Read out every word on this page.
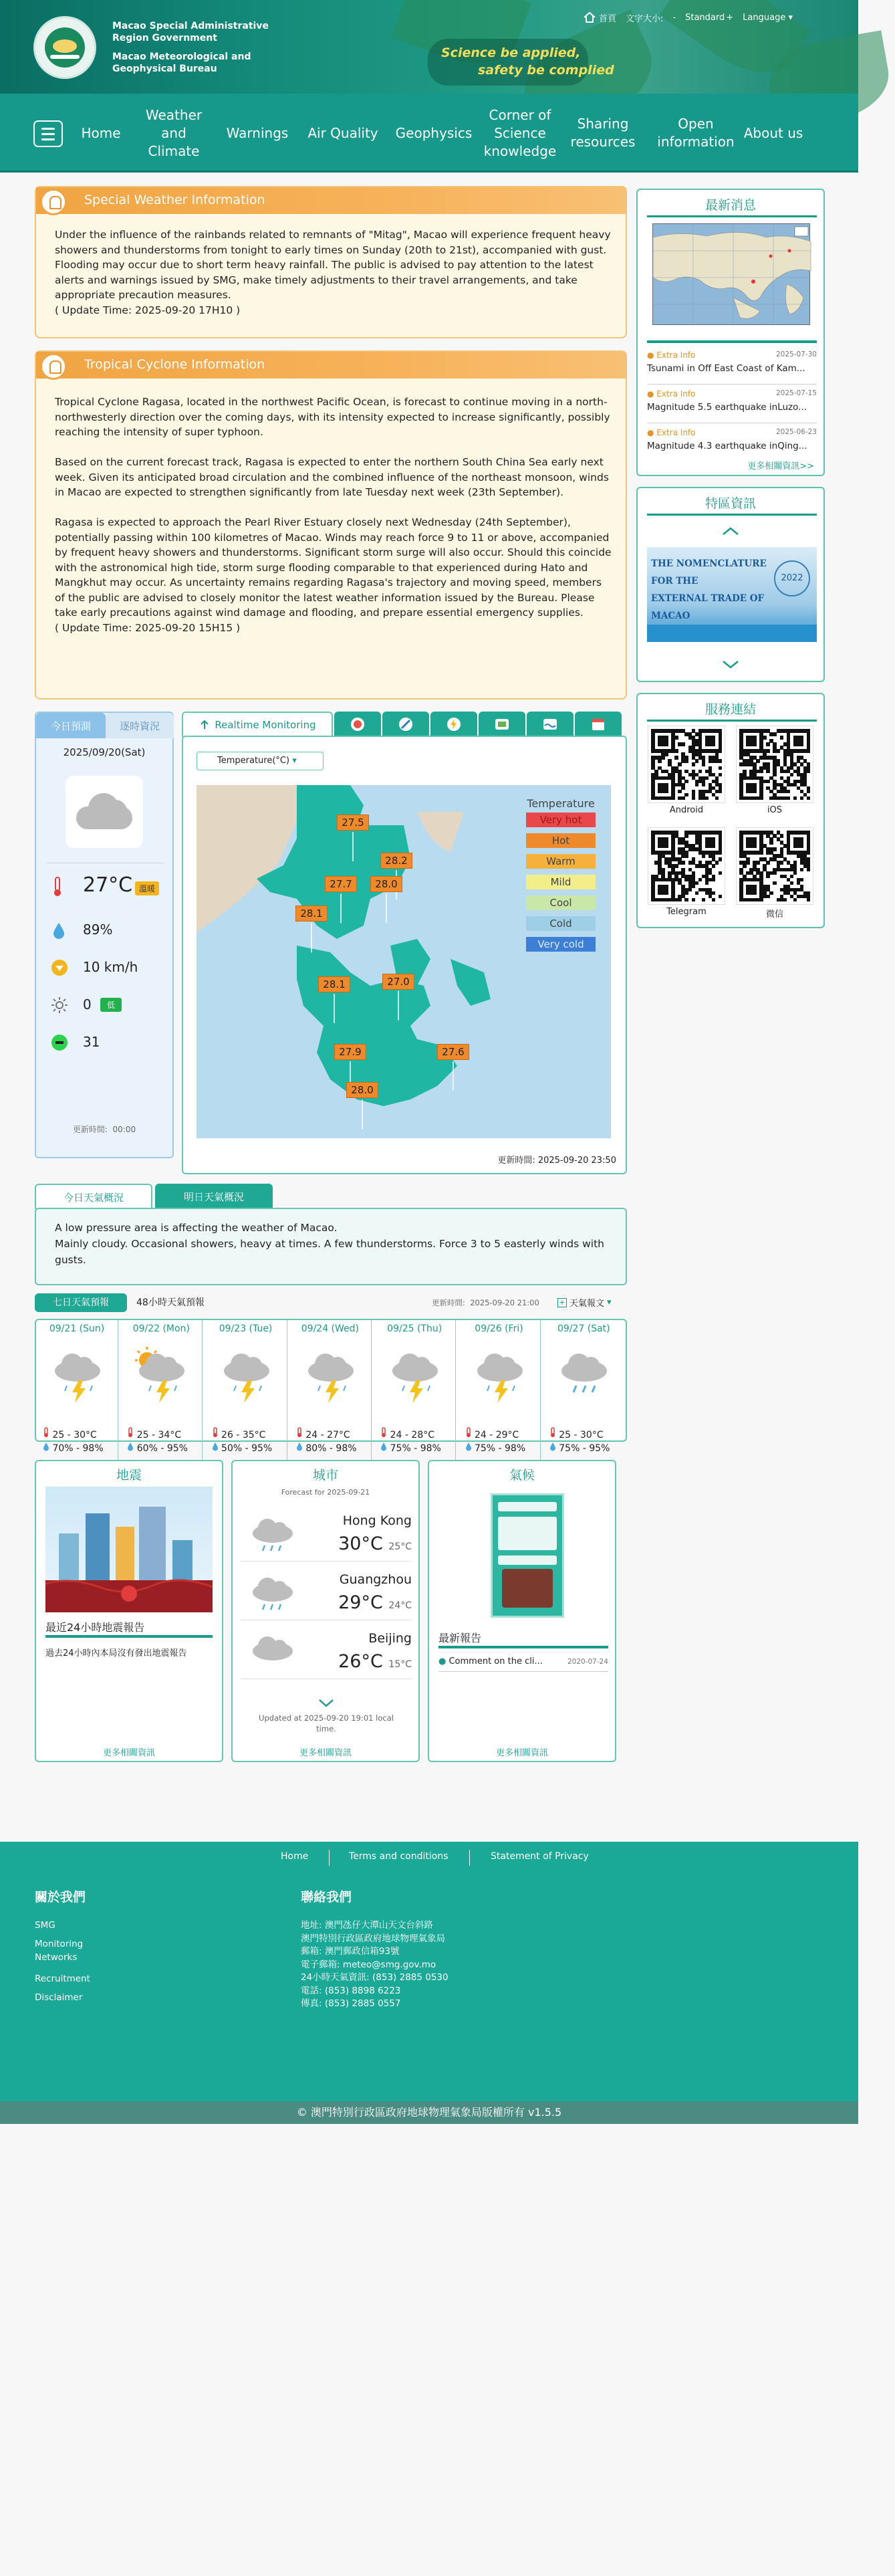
Macao Special Administrative
Region Government
Macao Meteorological and
Geophysical Bureau
Science be applied,
safety be complied
首頁 文字大小: - Standard + Language ▾
Home
Weather and Climate
Warnings	Air Quality	Geophysics
Corner of Science knowledge
Sharing resources
Open information
About us
Special Weather Information
Under the influence of the rainbands related to remnants of "Mitag", Macao will experience frequent heavy showers and thunderstorms from tonight to early times on Sunday (20th to 21st), accompanied with gust. Flooding may occur due to short term heavy rainfall. The public is advised to pay attention to the latest alerts and warnings issued by SMG, make timely adjustments to their travel arrangements, and take appropriate precaution measures.
( Update Time: 2025-09-20 17H10 )
Tropical Cyclone Information
Tropical Cyclone Ragasa, located in the northwest Pacific Ocean, is forecast to continue moving in a north-northwesterly direction over the coming days, with its intensity expected to increase significantly, possibly reaching the intensity of super typhoon.

Based on the current forecast track, Ragasa is expected to enter the northern South China Sea early next week. Given its anticipated broad circulation and the combined influence of the northeast monsoon, winds in Macao are expected to strengthen significantly from late Tuesday next week (23th September).

Ragasa is expected to approach the Pearl River Estuary closely next Wednesday (24th September), potentially passing within 100 kilometres of Macao. Winds may reach force 9 to 11 or above, accompanied by frequent heavy showers and thunderstorms. Significant storm surge will also occur. Should this coincide with the astronomical high tide, storm surge flooding comparable to that experienced during Hato and Mangkhut may occur. As uncertainty remains regarding Ragasa's trajectory and moving speed, members of the public are advised to closely monitor the latest weather information issued by the Bureau. Please take early precautions against wind damage and flooding, and prepare essential emergency supplies.
( Update Time: 2025-09-20 15H15 )
最新消息
● Extra Info	2025-07-30
Tsunami in Off East Coast of Kam...
● Extra Info	2025-07-15
Magnitude 5.5 earthquake inLuzo...
● Extra Info	2025-06-23
Magnitude 4.3 earthquake inQing...
更多相關資訊>>
特區資訊
THE NOMENCLATURE FOR THE
EXTERNAL TRADE OF MACAO
2022
服務連結
Android	iOS
Telegram	微信
今日預測	逐時資況
2025/09/20(Sat)
27°C 溫暖
89%
10 km/h
0	低
31
更新時間: 00:00
Realtime Monitoring
Temperature(°C) ▾
27.5
28.2
27.7	28.0
28.1
28.1	27.0
27.9	27.6
28.0
Temperature
Very hot
Hot
Warm
Mild
Cool
Cold
Very cold
更新時間: 2025-09-20 23:50
今日天氣概況	明日天氣概況
A low pressure area is affecting the weather of Macao.
Mainly cloudy. Occasional showers, heavy at times. A few thunderstorms. Force 3 to 5 easterly winds with gusts.
七日天氣預報	48小時天氣預報	更新時間: 2025-09-20 21:00	+ 天氣報文 ▾
09/21 (Sun)
25 - 30°C
70% - 98%
09/22 (Mon)
25 - 34°C
60% - 95%
09/23 (Tue)
26 - 35°C
50% - 95%
09/24 (Wed)
24 - 27°C
80% - 98%
09/25 (Thu)
24 - 28°C
75% - 98%
09/26 (Fri)
24 - 29°C
75% - 98%
09/27 (Sat)
25 - 30°C
75% - 95%
地震
最近24小時地震報告
過去24小時內本局沒有發出地震報告
更多相關資訊
城市
Forecast for 2025-09-21
Hong Kong
30°C 25°C
Guangzhou
29°C 24°C
Beijing
26°C 15°C
Updated at 2025-09-20 19:01 local time.
更多相關資訊
氣候
最新報告
● Comment on the cli...	2020-07-24
更多相關資訊
Home	Terms and conditions	Statement of Privacy
關於我們
SMG
Monitoring Networks
Recruitment
Disclaimer
聯絡我們
地址: 澳門氹仔大潭山天文台斜路
澳門特別行政區政府地球物理氣象局
郵箱: 澳門郵政信箱93號
電子郵箱: meteo@smg.gov.mo
24小時天氣資訊: (853) 2885 0530
電話: (853) 8898 6223
傳真: (853) 2885 0557
© 澳門特別行政區政府地球物理氣象局版權所有 v1.5.5
